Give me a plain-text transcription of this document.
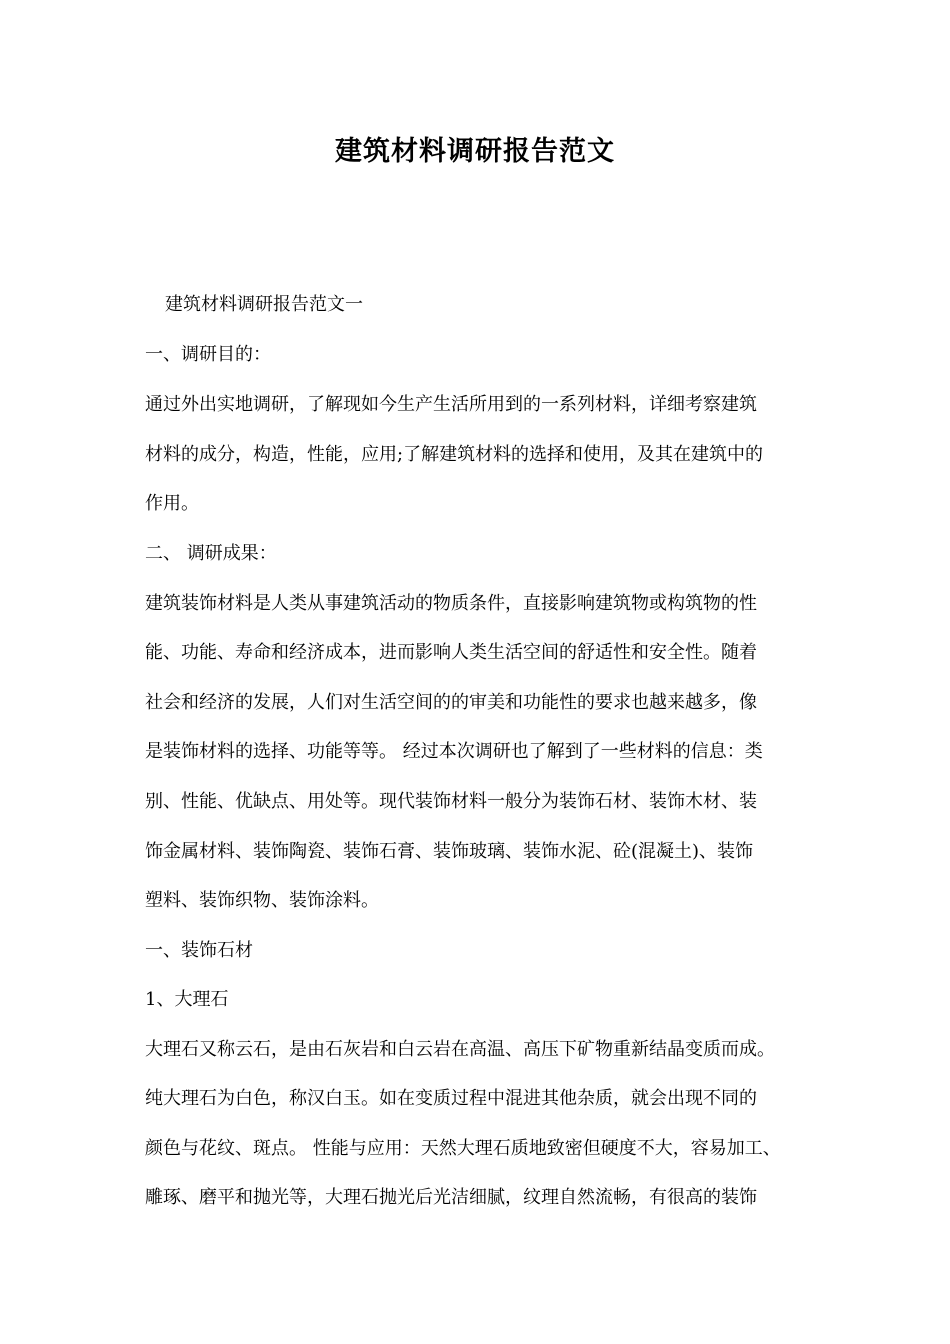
建筑材料调研报告范文
建筑材料调研报告范文一
一、调研目的：
通过外出实地调研，了解现如今生产生活所用到的一系列材料，详细考察建筑
材料的成分，构造，性能，应用;了解建筑材料的选择和使用，及其在建筑中的
作用。
二、 调研成果：
建筑装饰材料是人类从事建筑活动的物质条件，直接影响建筑物或构筑物的性
能、功能、寿命和经济成本，进而影响人类生活空间的舒适性和安全性。随着
社会和经济的发展，人们对生活空间的的审美和功能性的要求也越来越多，像
是装饰材料的选择、功能等等。 经过本次调研也了解到了一些材料的信息：类
别、性能、优缺点、用处等。现代装饰材料一般分为装饰石材、装饰木材、装
饰金属材料、装饰陶瓷、装饰石膏、装饰玻璃、装饰水泥、砼(混凝土)、装饰
塑料、装饰织物、装饰涂料。
一、装饰石材
1、大理石
大理石又称云石，是由石灰岩和白云岩在高温、高压下矿物重新结晶变质而成。
纯大理石为白色，称汉白玉。如在变质过程中混进其他杂质，就会出现不同的
颜色与花纹、斑点。 性能与应用：天然大理石质地致密但硬度不大，容易加工、
雕琢、磨平和抛光等，大理石抛光后光洁细腻，纹理自然流畅，有很高的装饰
